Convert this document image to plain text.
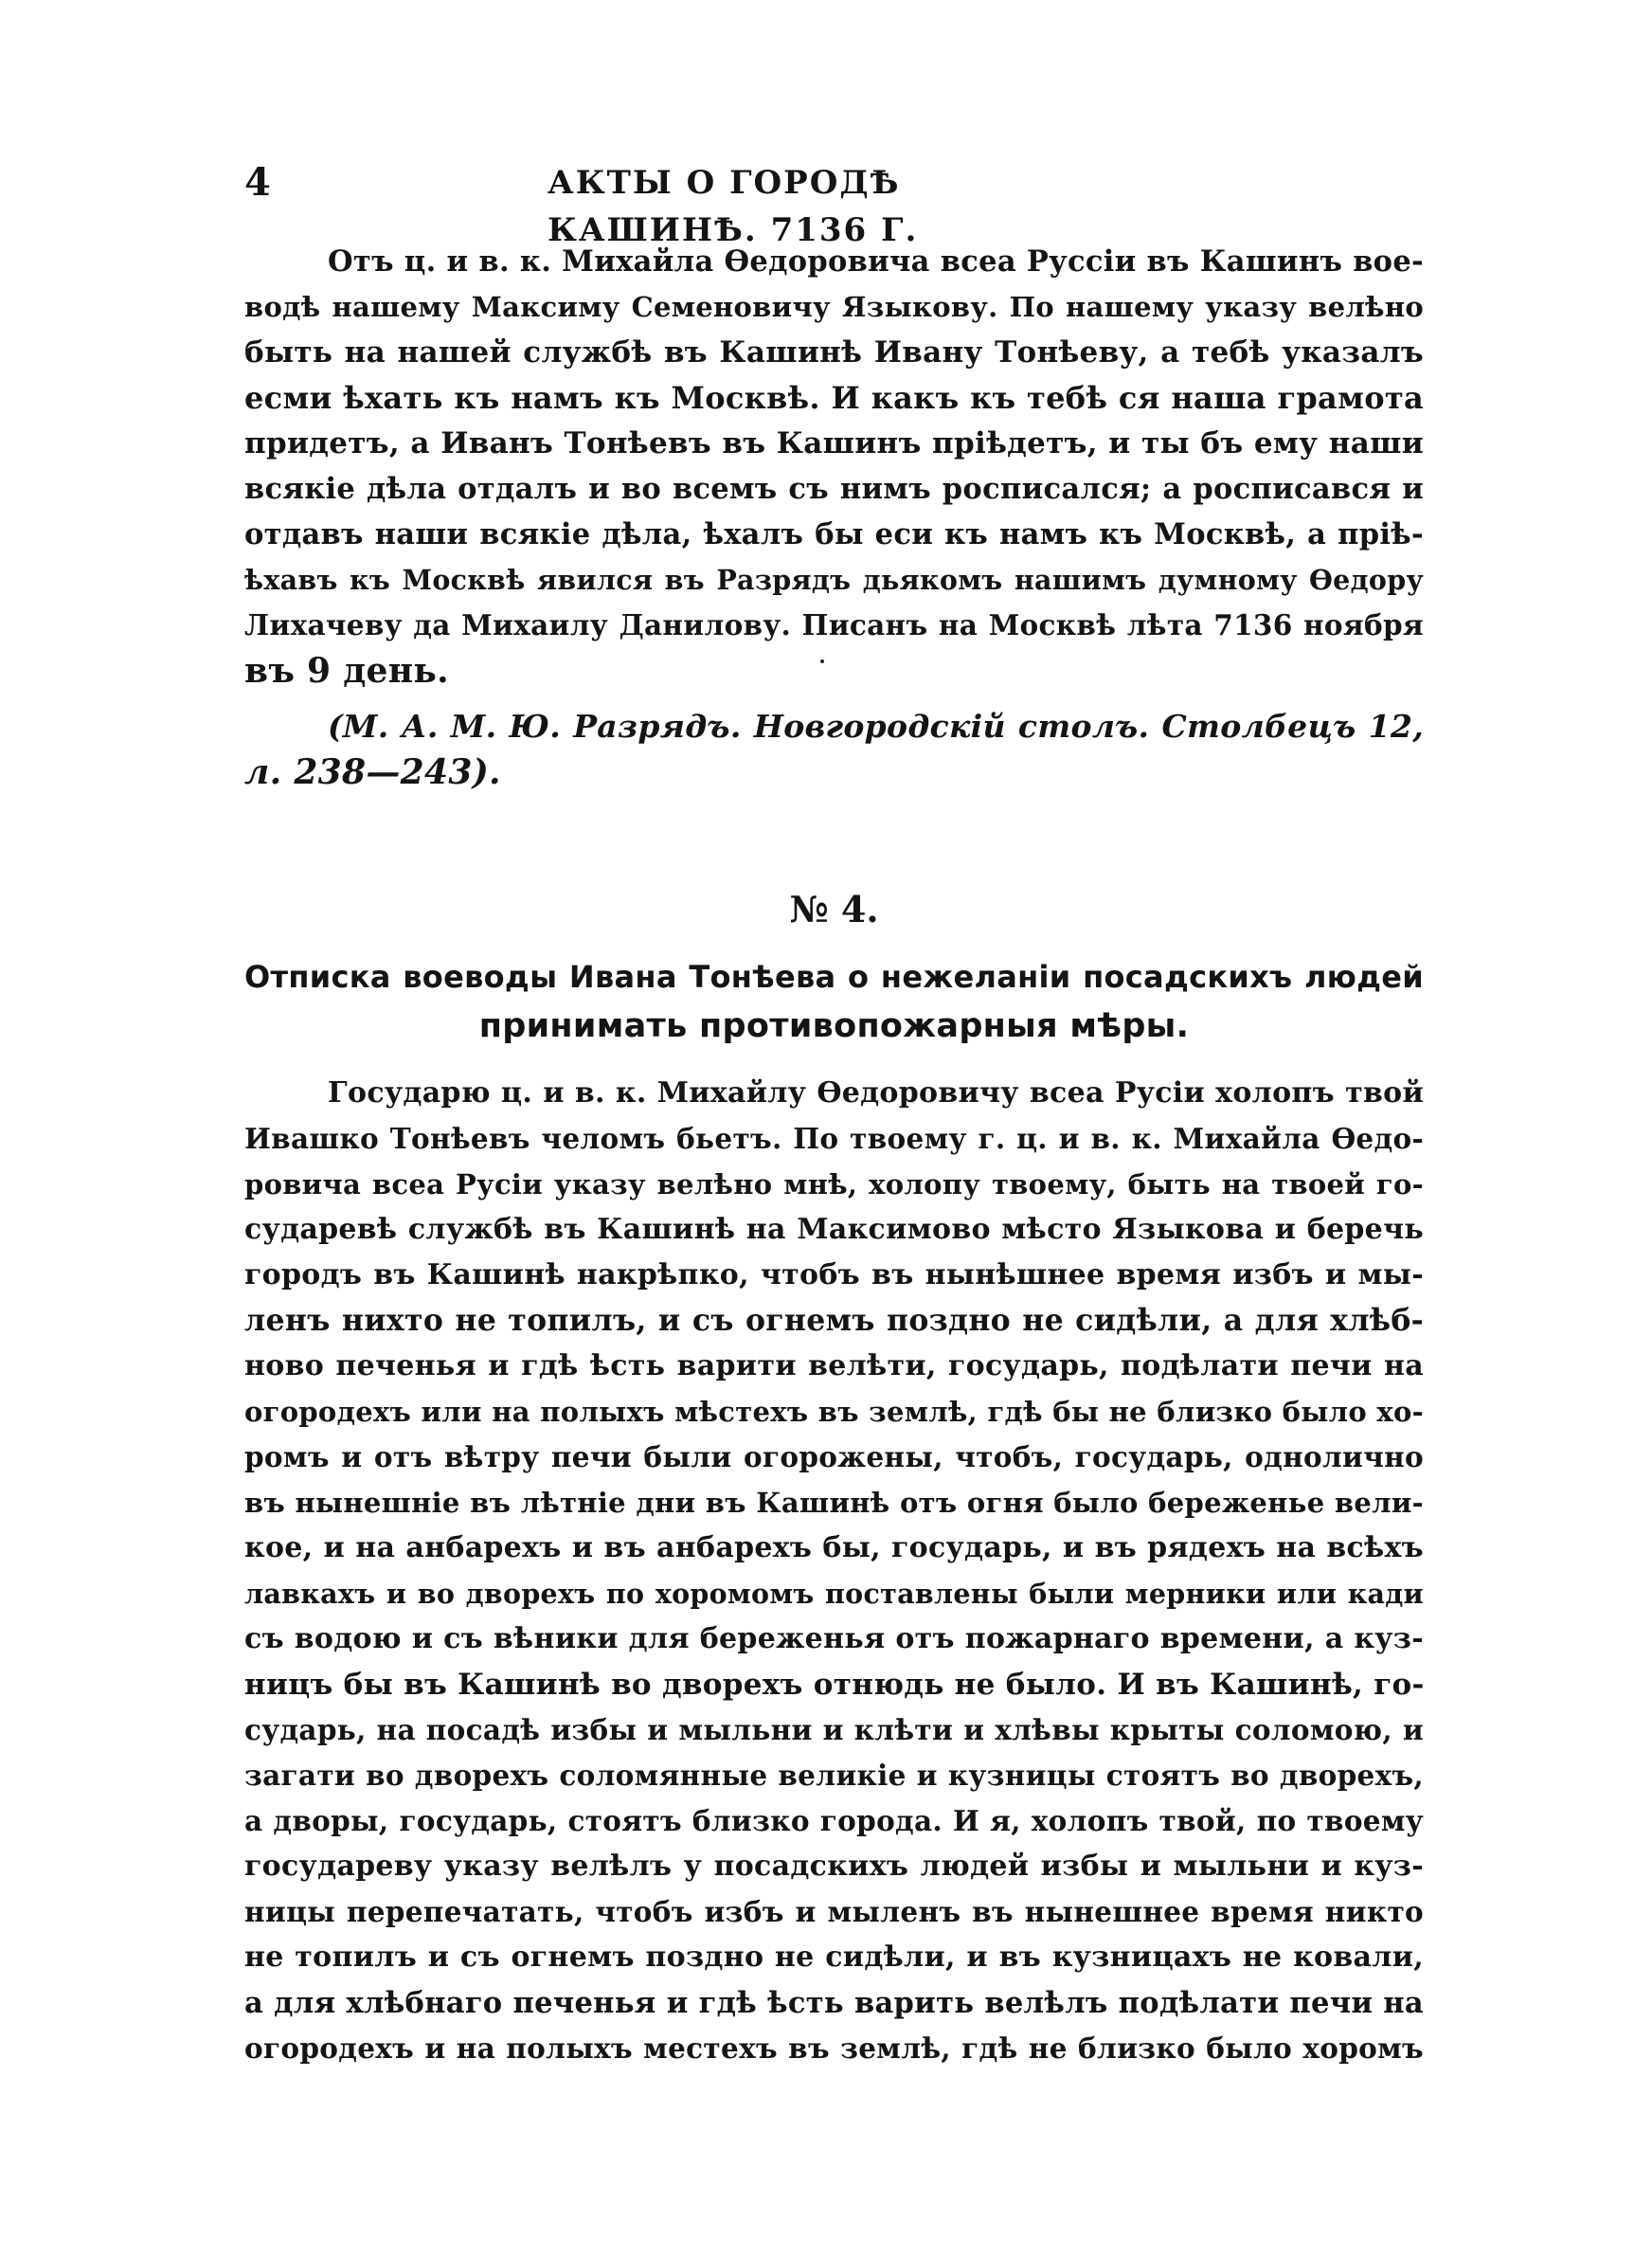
4	АКТЫ О ГОРОДѢ КАШИНѢ. 7136 Г.
Отъ ц. и в. к. Михайла Өедоровича всеа Руссіи въ Кашинъ вое-
водѣ нашему Максиму Семеновичу Языкову. По нашему указу велѣно
быть на нашей службѣ въ Кашинѣ Ивану Тонѣеву, а тебѣ указалъ
есми ѣхать къ намъ къ Москвѣ. И какъ къ тебѣ ся наша грамота
придетъ, а Иванъ Тонѣевъ въ Кашинъ пріѣдетъ, и ты бъ ему наши
всякіе дѣла отдалъ и во всемъ съ нимъ росписался; а росписався и
отдавъ наши всякіе дѣла, ѣхалъ бы еси къ намъ къ Москвѣ, а пріѣ-
ѣхавъ къ Москвѣ явился въ Разрядъ дьякомъ нашимъ думному Өедору
Лихачеву да Михаилу Данилову. Писанъ на Москвѣ лѣта 7136 ноября
въ 9 день.
(М. А. М. Ю. Разрядъ. Новгородскій столъ. Столбецъ 12,
л. 238—243).
№ 4.
Отписка воеводы Ивана Тонѣева о нежеланіи посадскихъ людей
принимать противопожарныя мѣры.
Государю ц. и в. к. Михайлу Өедоровичу всеа Русіи холопъ твой
Ивашко Тонѣевъ челомъ бьетъ. По твоему г. ц. и в. к. Михайла Өедо-
ровича всеа Русіи указу велѣно мнѣ, холопу твоему, быть на твоей го-
сударевѣ службѣ въ Кашинѣ на Максимово мѣсто Языкова и беречь
городъ въ Кашинѣ накрѣпко, чтобъ въ нынѣшнее время избъ и мы-
ленъ нихто не топилъ, и съ огнемъ поздно не сидѣли, а для хлѣб-
ново печенья и гдѣ ѣсть варити велѣти, государь, подѣлати печи на
огородехъ или на полыхъ мѣстехъ въ землѣ, гдѣ бы не близко было хо-
ромъ и отъ вѣтру печи были огорожены, чтобъ, государь, однолично
въ нынешніе въ лѣтніе дни въ Кашинѣ отъ огня было береженье вели-
кое, и на анбарехъ и въ анбарехъ бы, государь, и въ рядехъ на всѣхъ
лавкахъ и во дворехъ по хоромомъ поставлены были мерники или кади
съ водою и съ вѣники для береженья отъ пожарнаго времени, а куз-
ницъ бы въ Кашинѣ во дворехъ отнюдь не было. И въ Кашинѣ, го-
сударь, на посадѣ избы и мыльни и клѣти и хлѣвы крыты соломою, и
загати во дворехъ соломянные великіе и кузницы стоятъ во дворехъ,
а дворы, государь, стоятъ близко города. И я, холопъ твой, по твоему
государеву указу велѣлъ у посадскихъ людей избы и мыльни и куз-
ницы перепечатать, чтобъ избъ и мыленъ въ нынешнее время никто
не топилъ и съ огнемъ поздно не сидѣли, и въ кузницахъ не ковали,
а для хлѣбнаго печенья и гдѣ ѣсть варить велѣлъ подѣлати печи на
огородехъ и на полыхъ местехъ въ землѣ, гдѣ не близко было хоромъ
